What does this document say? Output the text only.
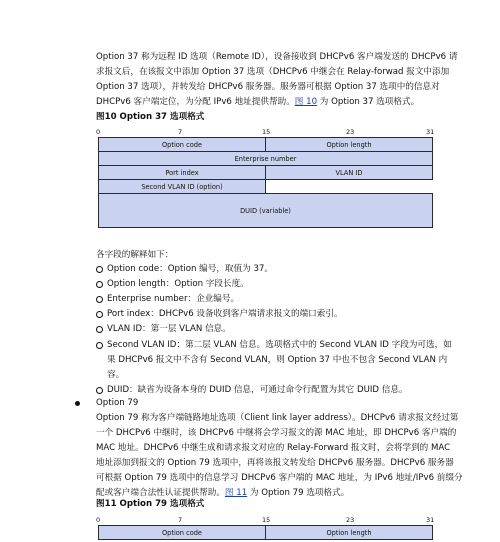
Option 37 称为远程 ID 选项（Remote ID），设备接收到 DHCPv6 客户端发送的 DHCPv6 请
求报文后，在该报文中添加 Option 37 选项（DHCPv6 中继会在 Relay-forwad 报文中添加
Option 37 选项），并转发给 DHCPv6 服务器。服务器可根据 Option 37 选项中的信息对
DHCPv6 客户端定位，为分配 IPv6 地址提供帮助。图 10 为 Option 37 选项格式。
图10 Option 37 选项格式
0	7	15	23	31
Option code	Option length
Enterprise number
Port index	VLAN ID
Second VLAN ID (option)
DUID (variable)
各字段的解释如下：
Option code：Option 编号，取值为 37。
Option length：Option 字段长度。
Enterprise number：企业编号。
Port index：DHCPv6 设备收到客户端请求报文的端口索引。
VLAN ID：第一层 VLAN 信息。
Second VLAN ID：第二层 VLAN 信息。选项格式中的 Second VLAN ID 字段为可选，如
果 DHCPv6 报文中不含有 Second VLAN，则 Option 37 中也不包含 Second VLAN 内
容。
DUID：缺省为设备本身的 DUID 信息，可通过命令行配置为其它 DUID 信息。
Option 79
Option 79 称为客户端链路地址选项（Client link layer address）。DHCPv6 请求报文经过第
一个 DHCPv6 中继时，该 DHCPv6 中继将会学习报文的源 MAC 地址，即 DHCPv6 客户端的
MAC 地址。DHCPv6 中继生成和请求报文对应的 Relay-Forward 报文时，会将学到的 MAC
地址添加到报文的 Option 79 选项中，再将该报文转发给 DHCPv6 服务器。DHCPv6 服务器
可根据 Option 79 选项中的信息学习 DHCPv6 客户端的 MAC 地址，为 IPv6 地址/IPv6 前缀分
配或客户端合法性认证提供帮助。图 11 为 Option 79 选项格式。
图11 Option 79 选项格式
0	7	15	23	31
Option code	Option length
